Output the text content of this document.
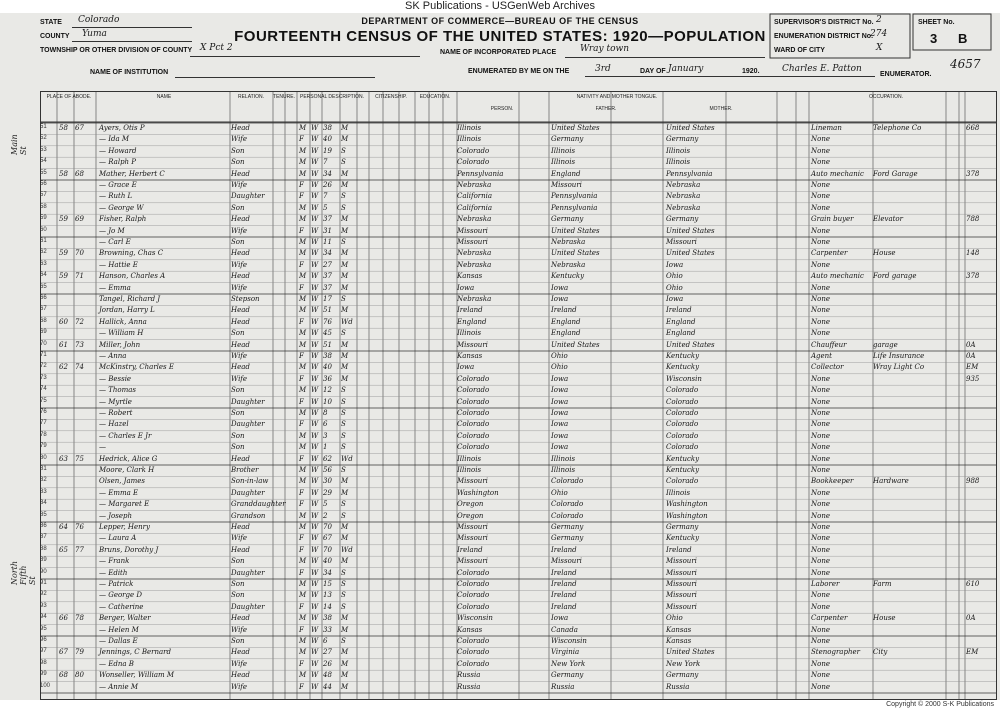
SK Publications - USGenWeb Archives
DEPARTMENT OF COMMERCE—BUREAU OF THE CENSUS
FOURTEENTH CENSUS OF THE UNITED STATES: 1920—POPULATION
STATE Colorado
COUNTY Yuma
TOWNSHIP OR OTHER DIVISION OF COUNTY X Pct 2
NAME OF INSTITUTION
NAME OF INCORPORATED PLACE	Wray town
ENUMERATED BY ME ON THE	3rd	DAY OF January	1920. Charles E. Patton
ENUMERATOR.
SUPERVISOR'S DISTRICT No. 2
ENUMERATION DISTRICT No.
274
WARD OF CITY	X
SHEET No.
3 B
4657
PLACE OF ABODE.	NAME	RELATION.	TENURE.	PERSONAL DESCRIPTION.	CITIZENSHIP.	EDUCATION.	NATIVITY AND MOTHER TONGUE.
PERSON.	FATHER.	MOTHER.
OCCUPATION.
51	58	67	Ayers, Otis P	Head	M W 38	M	Illinois	United States	United States	Lineman	Telephone Co	668
52	— Ida M	Wife	F	W 40	M	Illinois	Germany	Germany	None
53	— Howard	Son	M W 19	S	Colorado	Illinois	Illinois	None
54	— Ralph P	Son	M W 7	S	Colorado	Illinois	Illinois	None
55	58	68	Mather, Herbert C	Head	M W 34	M	Pennsylvania	England	Pennsylvania	Auto mechanic	Ford Garage	378
56	— Grace E	Wife	F	W 26	M	Nebraska	Missouri	Nebraska	None
57	— Ruth L	Daughter	F	W 7	S	California	Pennsylvania	Nebraska	None
58	— George W	Son	M W 5	S	California	Pennsylvania	Nebraska	None
59	59	69	Fisher, Ralph	Head	M W 37	M	Nebraska	Germany	Germany	Grain buyer	Elevator	788
60	— Jo M	Wife	F	W 31	M	Missouri	United States	United States	None
61	— Carl E	Son	M W 11	S	Missouri	Nebraska	Missouri	None
62	59	70	Browning, Chas C	Head	M W 34	M	Nebraska	United States	United States	Carpenter	House	148
63	— Hattie E	Wife	F	W 27	M	Nebraska	Nebraska	Iowa	None
64	59	71	Hanson, Charles A	Head	M W 37	M	Kansas	Kentucky	Ohio	Auto mechanic	Ford garage	378
65	— Emma	Wife	F	W 37	M	Iowa	Iowa	Ohio	None
66	Tangel, Richard J	Stepson	M W 17	S	Nebraska	Iowa	Iowa	None
67	Jordan, Harry L	Head	M W 51	M	Ireland	Ireland	Ireland	None
68	60	72	Hallick, Anna	Head	F	W 76	Wd	England	England	England	None
69	— William H	Son	M W 45	S	Illinois	England	England	None
70	61	73	Miller, John	Head	M W 51	M	Missouri	United States	United States	Chauffeur	garage	0A
71	— Anna	Wife	F	W 38	M	Kansas	Ohio	Kentucky	Agent	Life Insurance	0A
72	62	74	McKinstry, Charles E	Head	M W 40	M	Iowa	Ohio	Kentucky	Collector	Wray Light Co	EM
73	— Bessie	Wife	F	W 36	M	Colorado	Iowa	Wisconsin	None	935
74	— Thomas	Son	M W 12	S	Colorado	Iowa	Colorado	None
75	— Myrtle	Daughter	F	W 10	S	Colorado	Iowa	Colorado	None
76	— Robert	Son	M W 8	S	Colorado	Iowa	Colorado	None
77	— Hazel	Daughter	F	W 6	S	Colorado	Iowa	Colorado	None
78	— Charles E Jr	Son	M W 3	S	Colorado	Iowa	Colorado	None
79	—	Son	M W 1	S	Colorado	Iowa	Colorado	None
80	63	75	Hedrick, Alice G	Head	F	W 62	Wd	Illinois	Illinois	Kentucky	None
81	Moore, Clark H	Brother	M W 56	S	Illinois	Illinois	Kentucky	None
82	Olsen, James	Son-in-law	M W 30	M	Missouri	Colorado	Colorado	Bookkeeper	Hardware	988
83	— Emma E	Daughter	F	W 29	M	Washington	Ohio	Illinois	None
84	— Margaret E	Granddaughter F	W 5	S	Oregon	Colorado	Washington	None
85	— Joseph	Grandson	M W 2	S	Oregon	Colorado	Washington	None
86	64	76	Lepper, Henry	Head	M W 70	M	Missouri	Germany	Germany	None
87	— Laura A	Wife	F	W 67	M	Missouri	Germany	Kentucky	None
88	65	77	Bruns, Dorothy J	Head	F	W 70	Wd	Ireland	Ireland	Ireland	None
89	— Frank	Son	M W 40	M	Missouri	Missouri	Missouri	None
90	— Edith	Daughter	F	W 34	S	Colorado	Ireland	Missouri	None
91	— Patrick	Son	M W 15	S	Colorado	Ireland	Missouri	Laborer	Farm	610
92	— George D	Son	M W 13	S	Colorado	Ireland	Missouri	None
93	— Catherine	Daughter	F	W 14	S	Colorado	Ireland	Missouri	None
94	66	78	Berger, Walter	Head	M W 38	M	Wisconsin	Iowa	Ohio	Carpenter	House	0A
95	— Helen M	Wife	F	W 33	M	Kansas	Canada	Kansas	None
96	— Dallas E	Son	M W 6	S	Colorado	Wisconsin	Kansas	None
97	67	79	Jennings, C Bernard	Head	M W 27	M	Colorado	Virginia	United States	Stenographer	City	EM
98	— Edna B	Wife	F	W 26	M	Colorado	New York	New York	None
99	68	80	Wonseller, William M	Head	M W 48	M	Russia	Germany	Germany	None
100	— Annie M	Wife	F	W 44	M	Russia	Russia	Russia	None
Main St
North Fifth St
Copyright © 2000 S-K Publications
